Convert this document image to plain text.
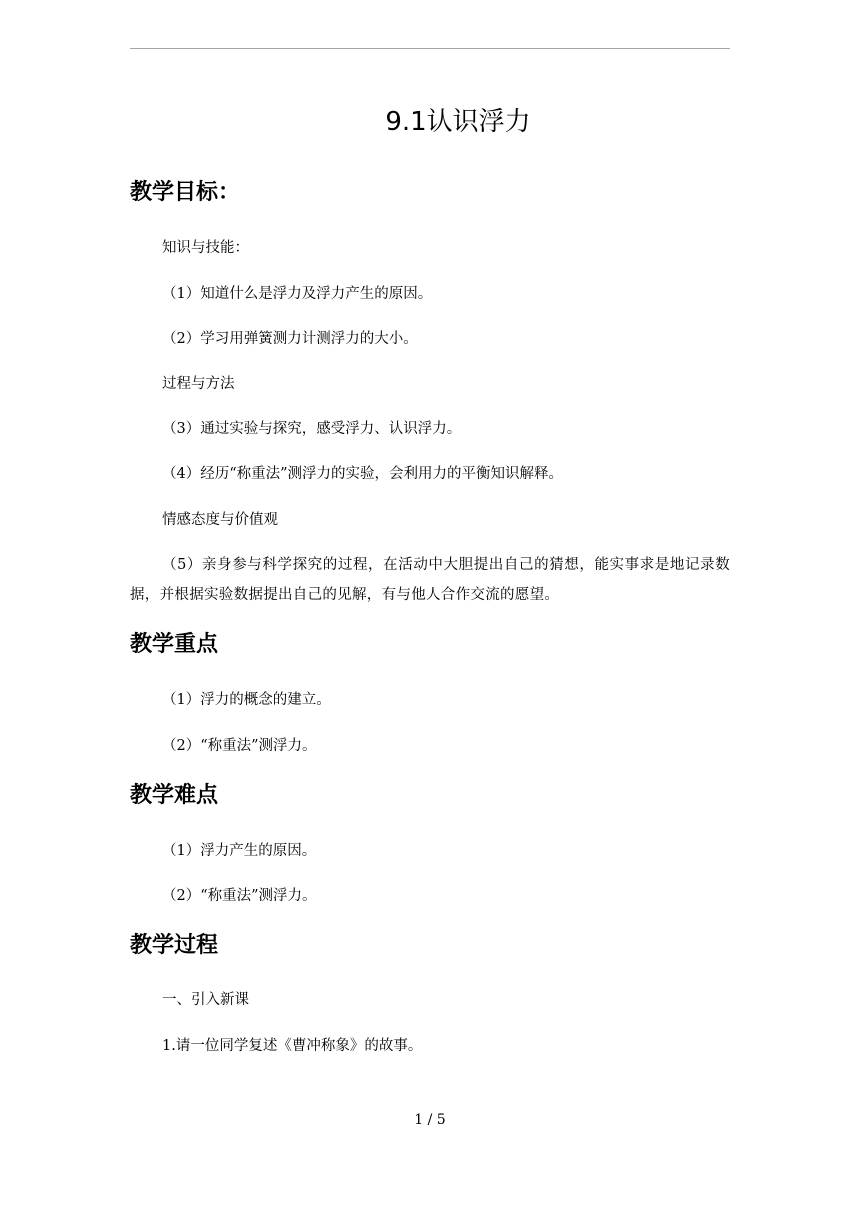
9.1认识浮力
教学目标：

知识与技能：

（1）知道什么是浮力及浮力产生的原因。

（2）学习用弹簧测力计测浮力的大小。

过程与方法

（3）通过实验与探究，感受浮力、认识浮力。

（4）经历“称重法”测浮力的实验，会利用力的平衡知识解释。

情感态度与价值观

（5）亲身参与科学探究的过程，在活动中大胆提出自己的猜想，能实事求是地记录数据，并根据实验数据提出自己的见解，有与他人合作交流的愿望。

教学重点

（1）浮力的概念的建立。

（2）“称重法”测浮力。

教学难点

（1）浮力产生的原因。

（2）“称重法”测浮力。

教学过程

一、引入新课

1.请一位同学复述《曹冲称象》的故事。

1 / 5
